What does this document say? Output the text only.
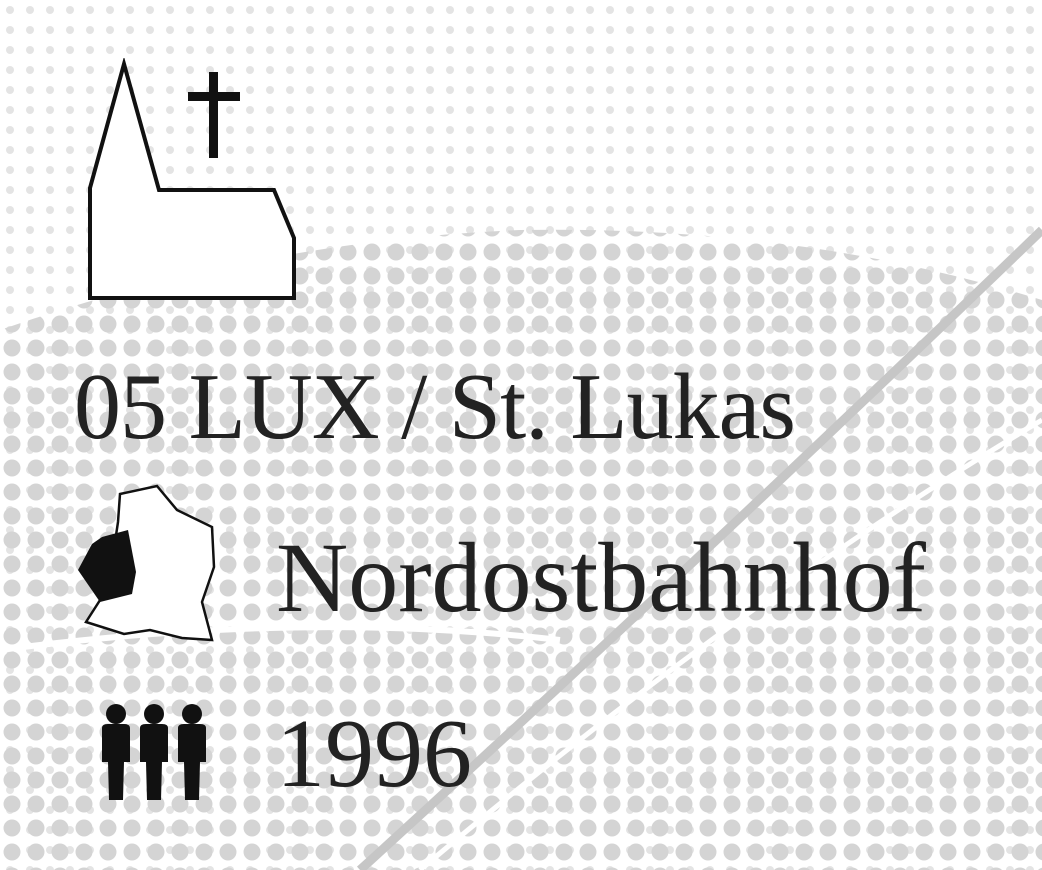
05 LUX / St. Lukas
Nordostbahnhof
1996
